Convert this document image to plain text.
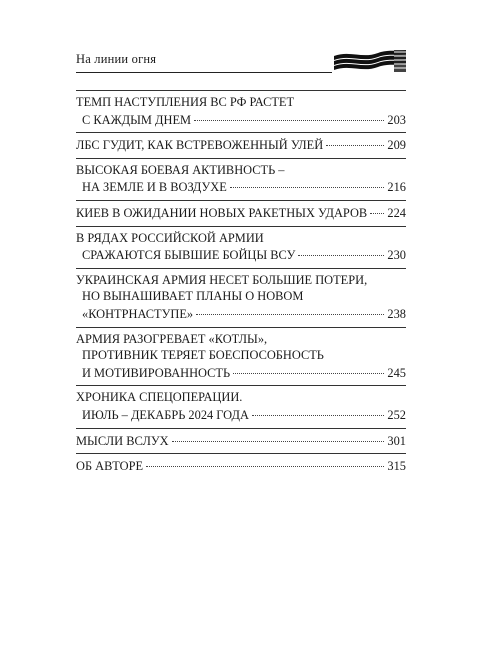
На линии огня
ТЕМП НАСТУПЛЕНИЯ ВС РФ РАСТЕТ
С КАЖДЫМ ДНЕМ	203
ЛБС ГУДИТ, КАК ВСТРЕВОЖЕННЫЙ УЛЕЙ	209
ВЫСОКАЯ БОЕВАЯ АКТИВНОСТЬ –
НА ЗЕМЛЕ И В ВОЗДУХЕ	216
КИЕВ В ОЖИДАНИИ НОВЫХ РАКЕТНЫХ УДАРОВ 224
В РЯДАХ РОССИЙСКОЙ АРМИИ
СРАЖАЮТСЯ БЫВШИЕ БОЙЦЫ ВСУ	230
УКРАИНСКАЯ АРМИЯ НЕСЕТ БОЛЬШИЕ ПОТЕРИ,
НО ВЫНАШИВАЕТ ПЛАНЫ О НОВОМ
«КОНТРНАСТУПЕ»	238
АРМИЯ РАЗОГРЕВАЕТ «КОТЛЫ»,
ПРОТИВНИК ТЕРЯЕТ БОЕСПОСОБНОСТЬ
И МОТИВИРОВАННОСТЬ	245
ХРОНИКА СПЕЦОПЕРАЦИИ.
ИЮЛЬ – ДЕКАБРЬ 2024 ГОДА	252
МЫСЛИ ВСЛУХ	301
ОБ АВТОРЕ	315
